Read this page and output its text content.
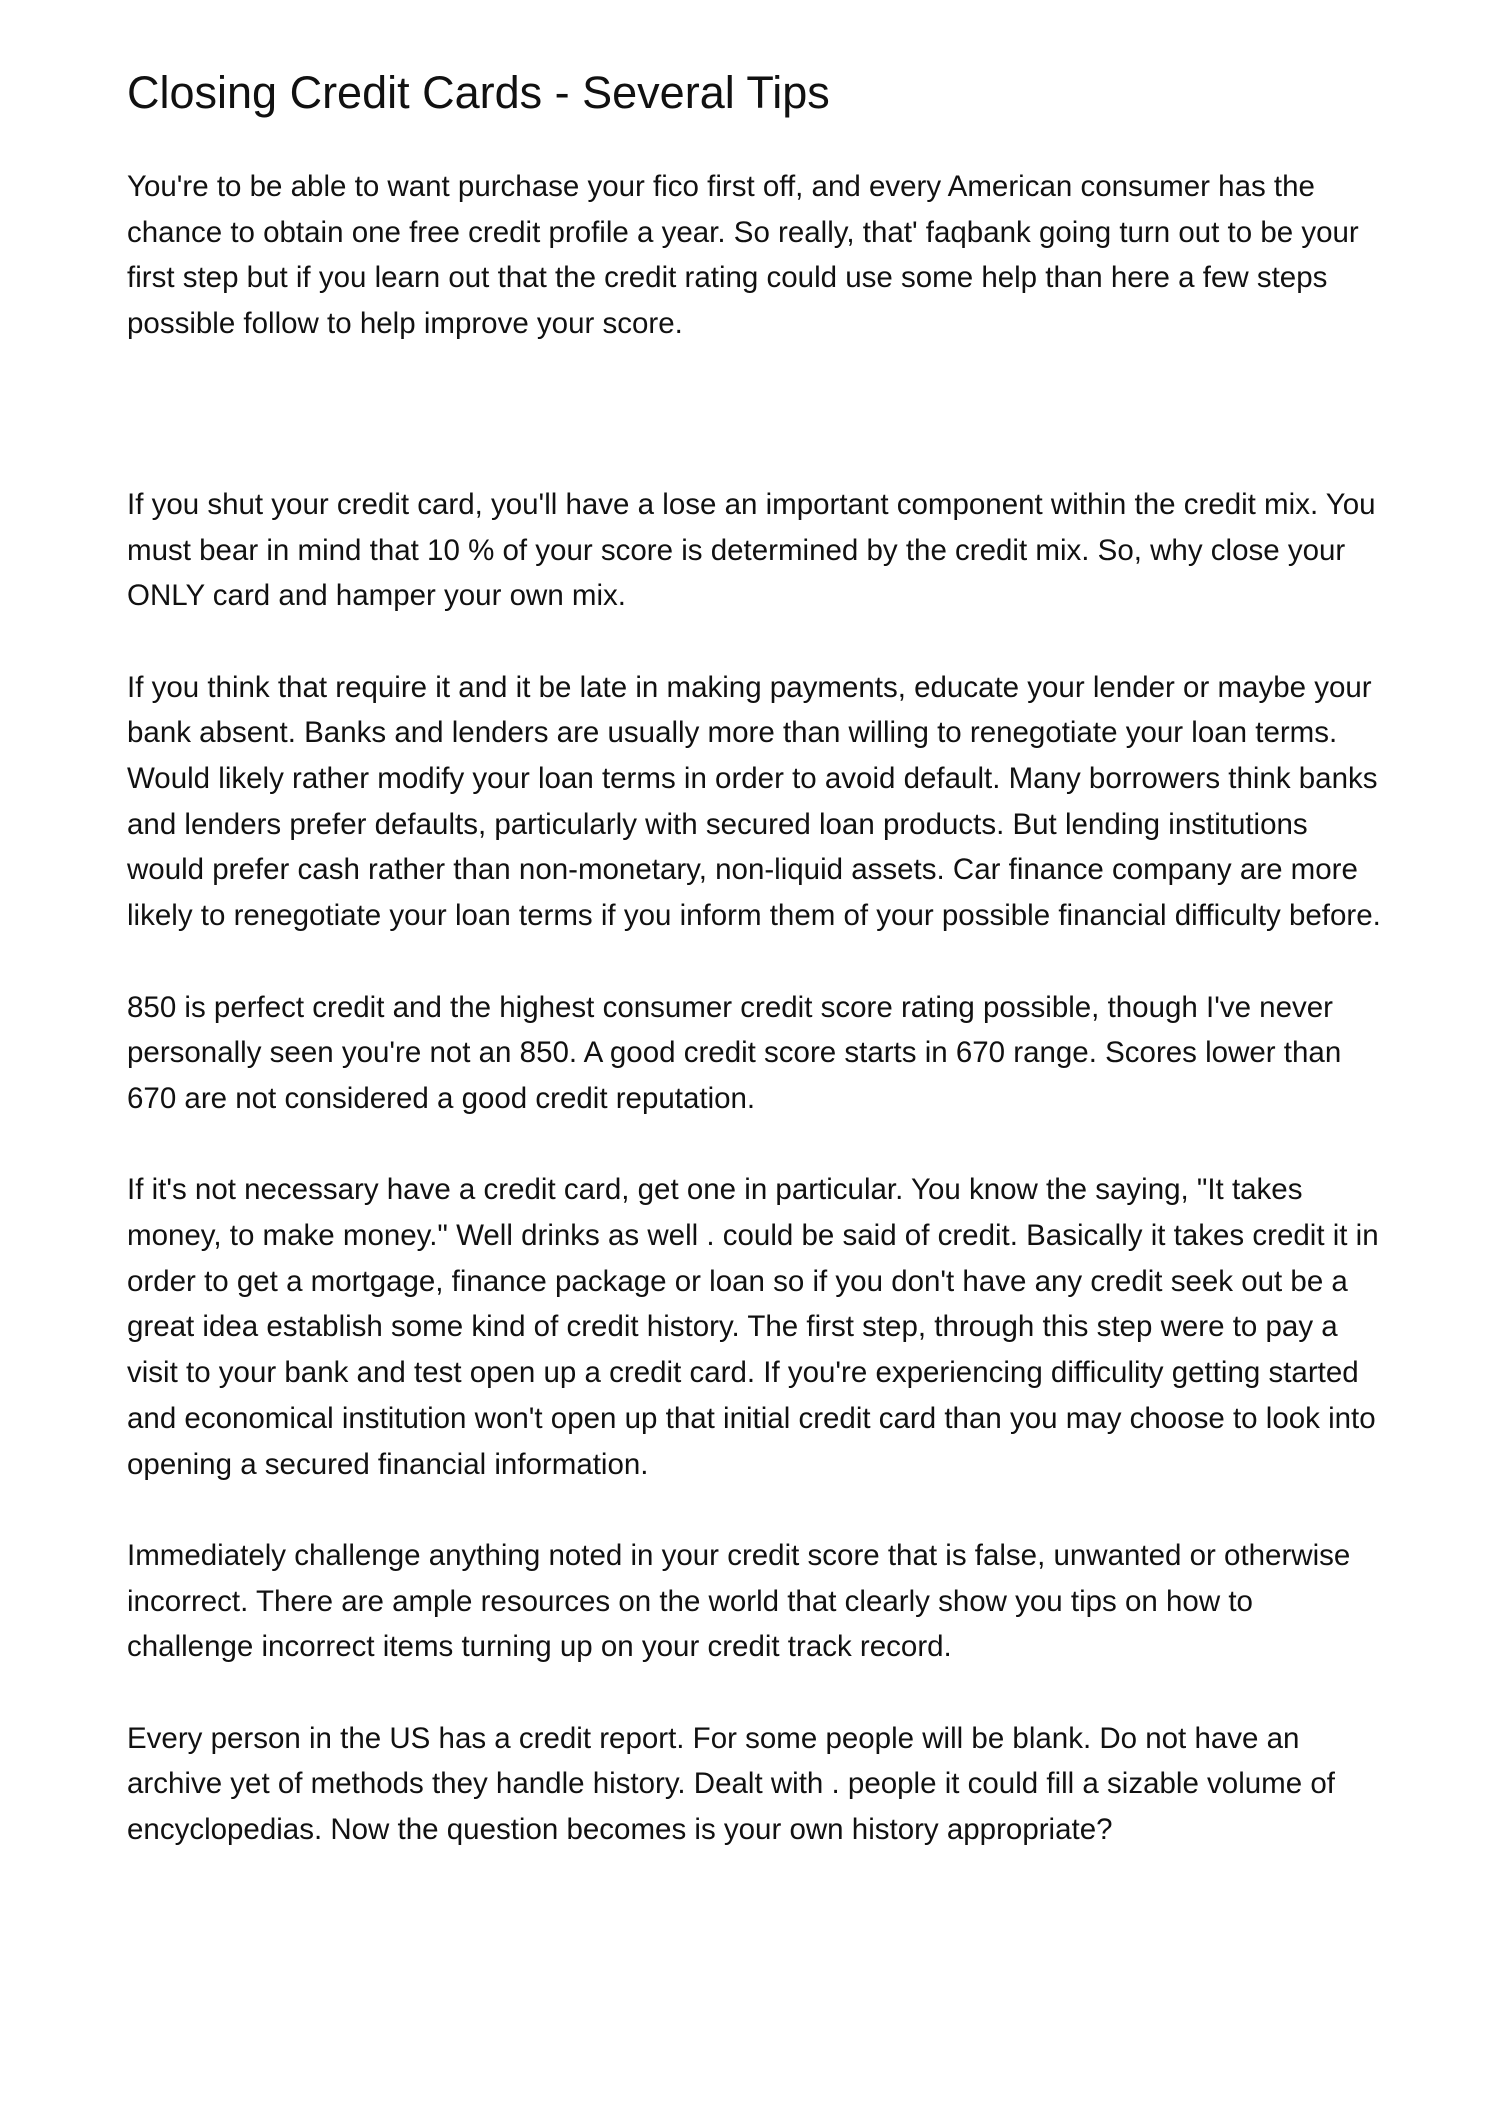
Closing Credit Cards - Several Tips

You're to be able to want purchase your fico first off, and every American consumer has the chance to obtain one free credit profile a year. So really, that' faqbank going turn out to be your first step but if you learn out that the credit rating could use some help than here a few steps possible follow to help improve your score.

If you shut your credit card, you'll have a lose an important component within the credit mix. You must bear in mind that 10 % of your score is determined by the credit mix. So, why close your ONLY card and hamper your own mix.

If you think that require it and it be late in making payments, educate your lender or maybe your bank absent. Banks and lenders are usually more than willing to renegotiate your loan terms. Would likely rather modify your loan terms in order to avoid default. Many borrowers think banks and lenders prefer defaults, particularly with secured loan products. But lending institutions would prefer cash rather than non-monetary, non-liquid assets. Car finance company are more likely to renegotiate your loan terms if you inform them of your possible financial difficulty before.

850 is perfect credit and the highest consumer credit score rating possible, though I've never personally seen you're not an 850. A good credit score starts in 670 range. Scores lower than 670 are not considered a good credit reputation.

If it's not necessary have a credit card, get one in particular. You know the saying, "It takes money, to make money." Well drinks as well . could be said of credit. Basically it takes credit it in order to get a mortgage, finance package or loan so if you don't have any credit seek out be a great idea establish some kind of credit history. The first step, through this step were to pay a visit to your bank and test open up a credit card. If you're experiencing difficulity getting started and economical institution won't open up that initial credit card than you may choose to look into opening a secured financial information.

Immediately challenge anything noted in your credit score that is false, unwanted or otherwise incorrect. There are ample resources on the world that clearly show you tips on how to challenge incorrect items turning up on your credit track record.

Every person in the US has a credit report. For some people will be blank. Do not have an archive yet of methods they handle history. Dealt with . people it could fill a sizable volume of encyclopedias. Now the question becomes is your own history appropriate?
